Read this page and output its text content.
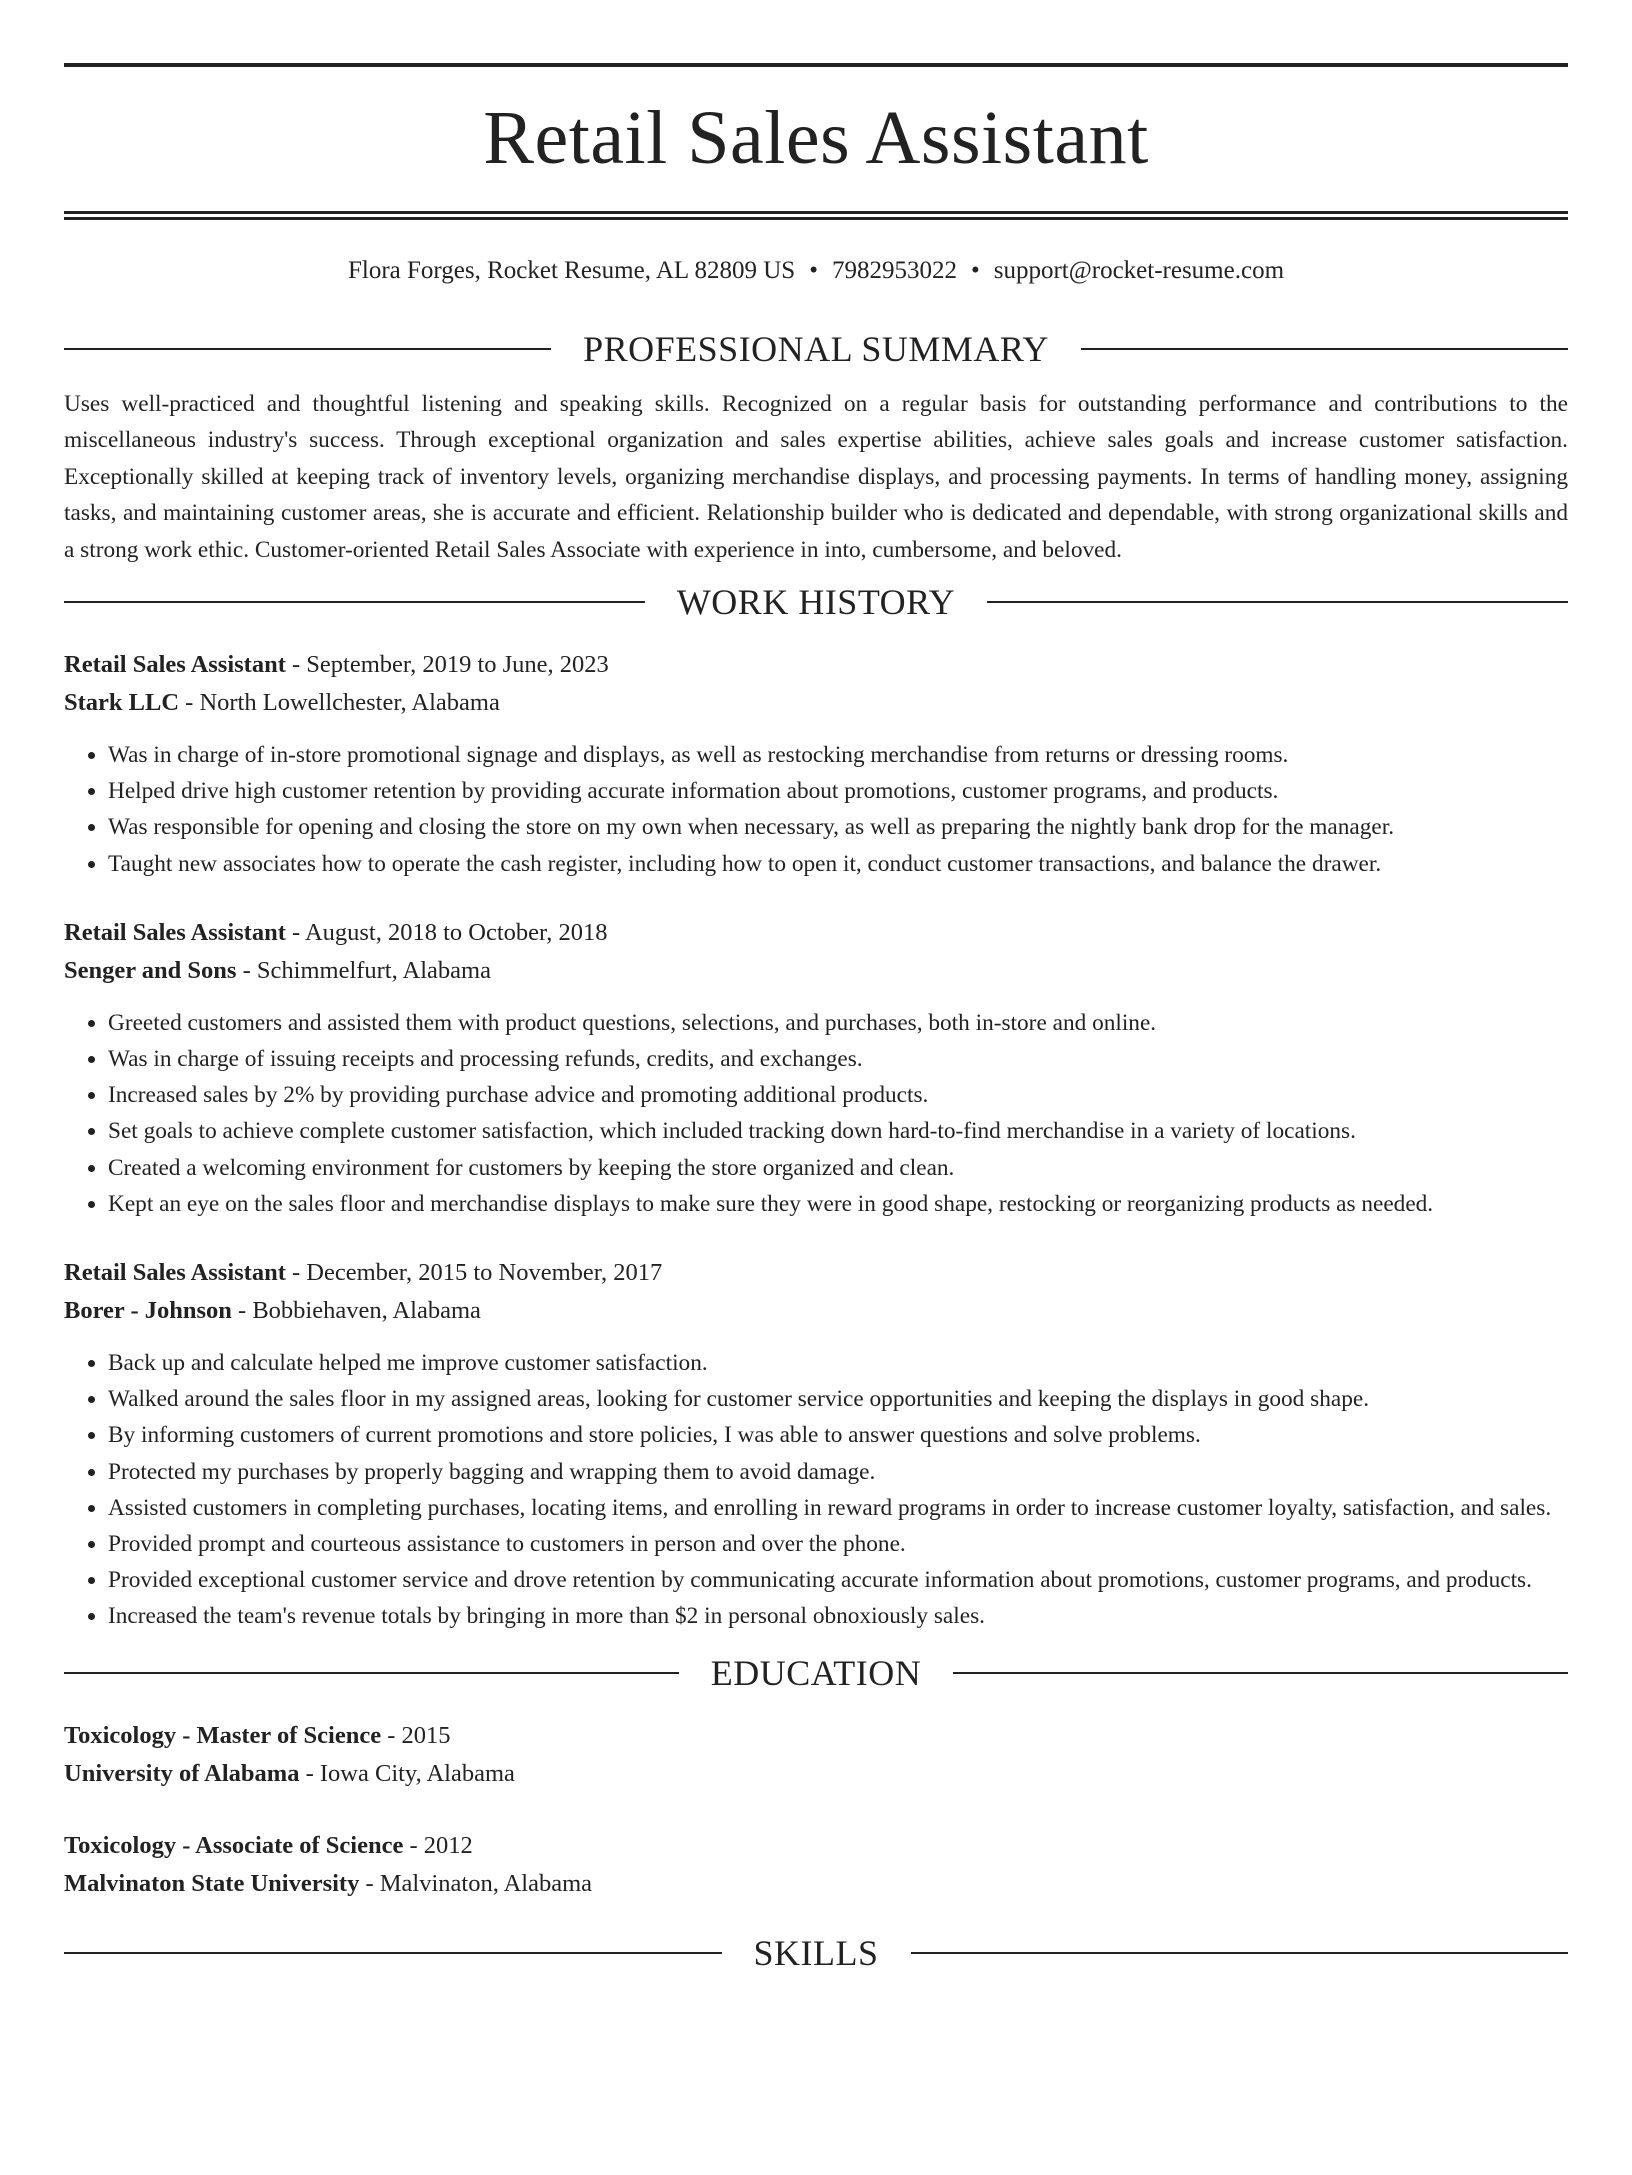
Retail Sales Assistant
Flora Forges, Rocket Resume, AL 82809 US • 7982953022 • support@rocket-resume.com
PROFESSIONAL SUMMARY

Uses well-practiced and thoughtful listening and speaking skills. Recognized on a regular basis for outstanding performance and contributions to the miscellaneous industry's success. Through exceptional organization and sales expertise abilities, achieve sales goals and increase customer satisfaction. Exceptionally skilled at keeping track of inventory levels, organizing merchandise displays, and processing payments. In terms of handling money, assigning tasks, and maintaining customer areas, she is accurate and efficient. Relationship builder who is dedicated and dependable, with strong organizational skills and a strong work ethic. Customer-oriented Retail Sales Associate with experience in into, cumbersome, and beloved.

WORK HISTORY
Retail Sales Assistant - September, 2019 to June, 2023
Stark LLC - North Lowellchester, Alabama
• Was in charge of in-store promotional signage and displays, as well as restocking merchandise from returns or dressing rooms.
• Helped drive high customer retention by providing accurate information about promotions, customer programs, and products.
• Was responsible for opening and closing the store on my own when necessary, as well as preparing the nightly bank drop for the manager.
• Taught new associates how to operate the cash register, including how to open it, conduct customer transactions, and balance the drawer.
Retail Sales Assistant - August, 2018 to October, 2018
Senger and Sons - Schimmelfurt, Alabama
• Greeted customers and assisted them with product questions, selections, and purchases, both in-store and online.
• Was in charge of issuing receipts and processing refunds, credits, and exchanges.
• Increased sales by 2% by providing purchase advice and promoting additional products.
• Set goals to achieve complete customer satisfaction, which included tracking down hard-to-find merchandise in a variety of locations.
• Created a welcoming environment for customers by keeping the store organized and clean.
• Kept an eye on the sales floor and merchandise displays to make sure they were in good shape, restocking or reorganizing products as needed.
Retail Sales Assistant - December, 2015 to November, 2017
Borer - Johnson - Bobbiehaven, Alabama
• Back up and calculate helped me improve customer satisfaction.
• Walked around the sales floor in my assigned areas, looking for customer service opportunities and keeping the displays in good shape.
• By informing customers of current promotions and store policies, I was able to answer questions and solve problems.
• Protected my purchases by properly bagging and wrapping them to avoid damage.
• Assisted customers in completing purchases, locating items, and enrolling in reward programs in order to increase customer loyalty, satisfaction, and sales.
• Provided prompt and courteous assistance to customers in person and over the phone.
• Provided exceptional customer service and drove retention by communicating accurate information about promotions, customer programs, and products.
• Increased the team's revenue totals by bringing in more than $2 in personal obnoxiously sales.
EDUCATION
Toxicology - Master of Science - 2015
University of Alabama - Iowa City, Alabama
Toxicology - Associate of Science - 2012
Malvinaton State University - Malvinaton, Alabama
SKILLS
